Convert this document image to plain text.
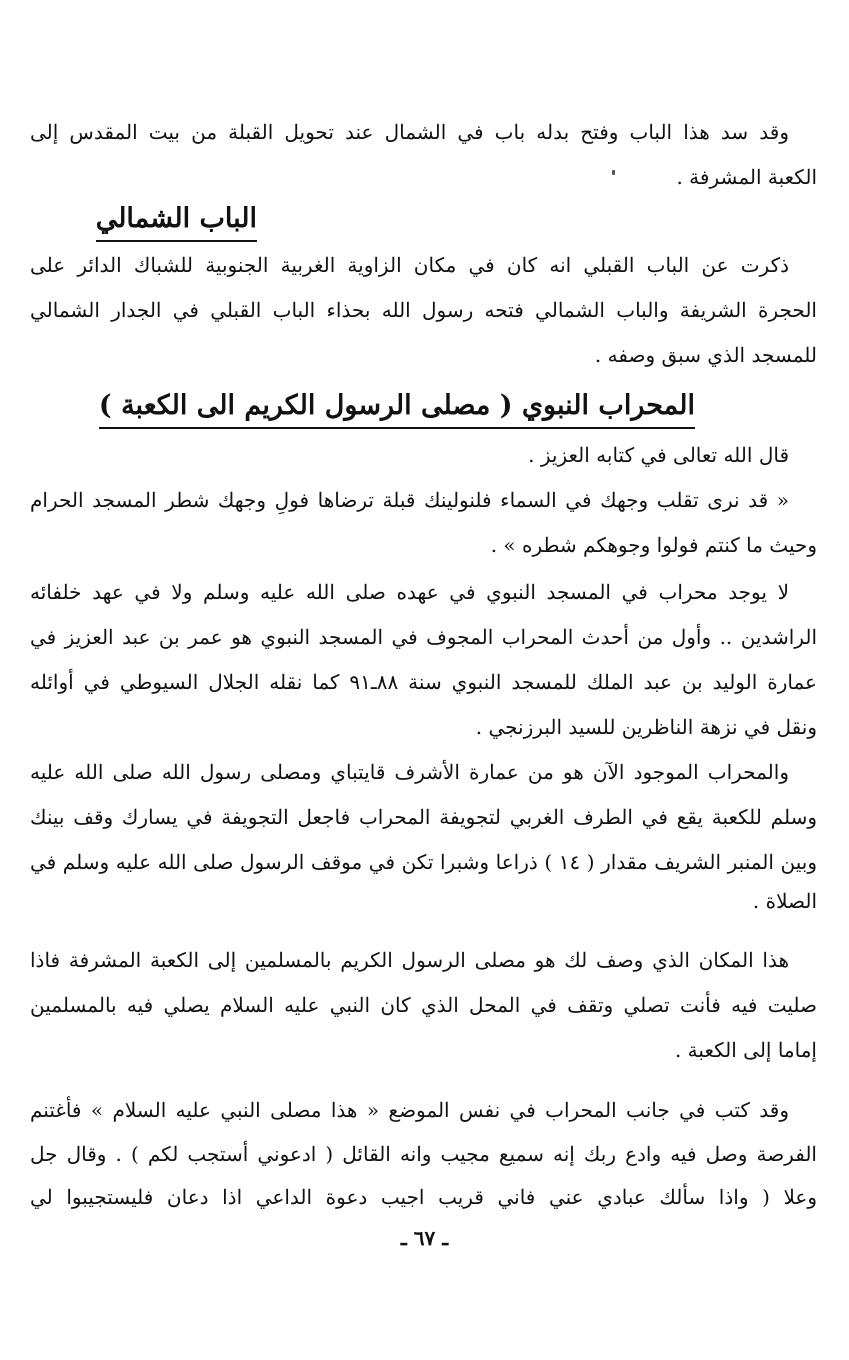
وقد سد هذا الباب وفتح بدله باب في الشمال عند تحويل القبلة من بيت المقدس إلى
الكعبة المشرفة .
الباب الشمالي
ذكرت عن الباب القبلي انه كان في مكان الزاوية الغربية الجنوبية للشباك الدائر على
الحجرة الشريفة والباب الشمالي فتحه رسول الله بحذاء الباب القبلي في الجدار الشمالي
للمسجد الذي سبق وصفه .
المحراب النبوي ( مصلى الرسول الكريم الى الكعبة )
قال الله تعالى في كتابه العزيز .
« قد نرى تقلب وجهك في السماء فلنولينك قبلة ترضاها فولِ وجهك شطر المسجد الحرام
وحيث ما كنتم فولوا وجوهكم شطره » .
لا يوجد محراب في المسجد النبوي في عهده صلى الله عليه وسلم ولا في عهد خلفائه
الراشدين .. وأول من أحدث المحراب المجوف في المسجد النبوي هو عمر بن عبد العزيز في
عمارة الوليد بن عبد الملك للمسجد النبوي سنة ٨٨ـ٩١ كما نقله الجلال السيوطي في أوائله
ونقل في نزهة الناظرين للسيد البرزنجي .
والمحراب الموجود الآن هو من عمارة الأشرف قايتباي ومصلى رسول الله صلى الله عليه
وسلم للكعبة يقع في الطرف الغربي لتجويفة المحراب فاجعل التجويفة في يسارك وقف بينك
وبين المنبر الشريف مقدار ( ١٤ ) ذراعا وشبرا تكن في موقف الرسول صلى الله عليه وسلم في
الصلاة .
هذا المكان الذي وصف لك هو مصلى الرسول الكريم بالمسلمين إلى الكعبة المشرفة فاذا
صليت فيه فأنت تصلي وتقف في المحل الذي كان النبي عليه السلام يصلي فيه بالمسلمين
إماما إلى الكعبة .
وقد كتب في جانب المحراب في نفس الموضع « هذا مصلى النبي عليه السلام » فأغتنم
الفرصة وصل فيه وادع ربك إنه سميع مجيب وانه القائل ( ادعوني أستجب لكم ) . وقال جل
وعلا ( واذا سألك عبادي عني فاني قريب اجيب دعوة الداعي اذا دعان فليستجيبوا لي
ـ ٦٧ ـ
